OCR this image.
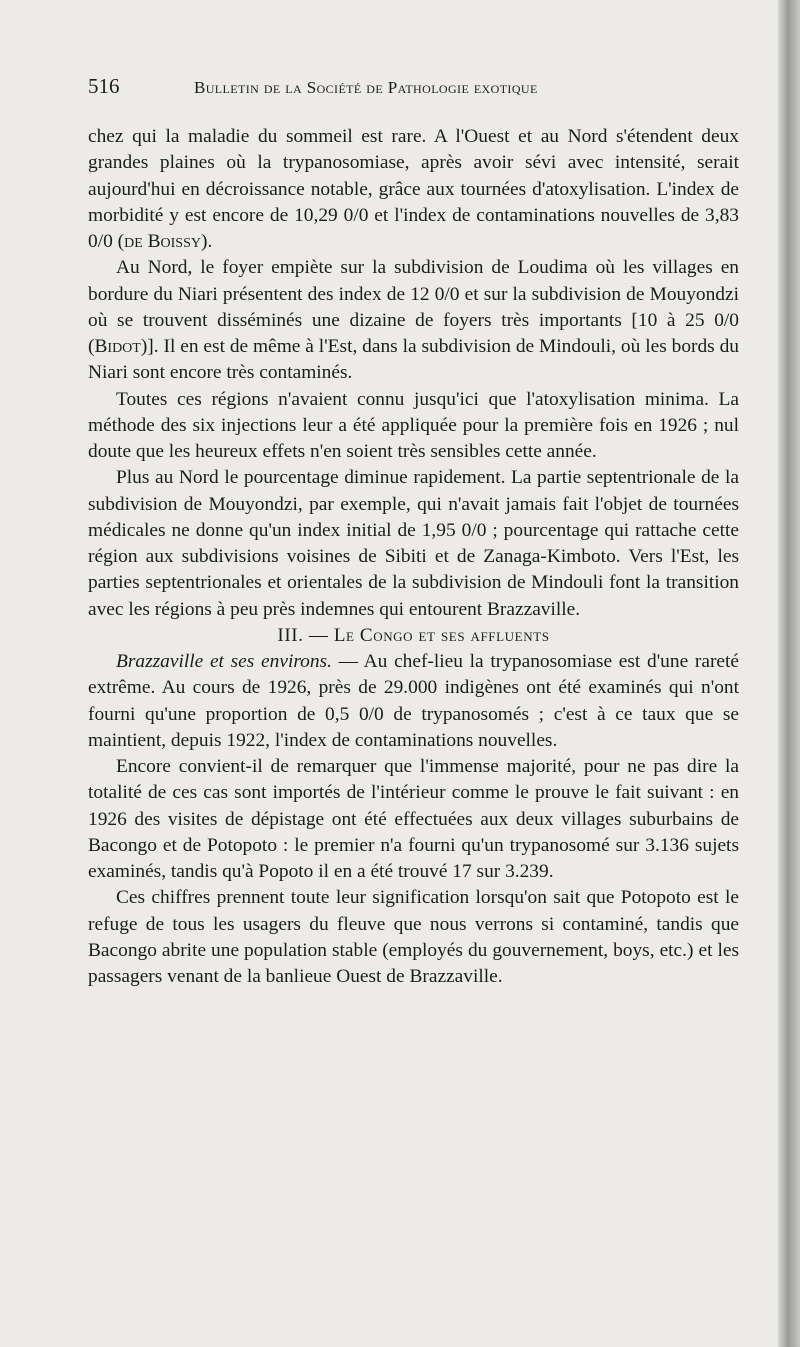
516	Bulletin de la Société de Pathologie exotique

chez qui la maladie du sommeil est rare. A l'Ouest et au Nord s'étendent deux grandes plaines où la trypanosomiase, après avoir sévi avec intensité, serait aujourd'hui en décroissance notable, grâce aux tournées d'atoxylisation. L'index de morbidité y est encore de 10,29 0/0 et l'index de contaminations nouvelles de 3,83 0/0 (de Boissy).

Au Nord, le foyer empiète sur la subdivision de Loudima où les villages en bordure du Niari présentent des index de 12 0/0 et sur la subdivision de Mouyondzi où se trouvent disséminés une dizaine de foyers très importants [10 à 25 0/0 (Bidot)]. Il en est de même à l'Est, dans la subdivision de Mindouli, où les bords du Niari sont encore très contaminés.

Toutes ces régions n'avaient connu jusqu'ici que l'atoxylisation minima. La méthode des six injections leur a été appliquée pour la première fois en 1926 ; nul doute que les heureux effets n'en soient très sensibles cette année.

Plus au Nord le pourcentage diminue rapidement. La partie septentrionale de la subdivision de Mouyondzi, par exemple, qui n'avait jamais fait l'objet de tournées médicales ne donne qu'un index initial de 1,95 0/0 ; pourcentage qui rattache cette région aux subdivisions voisines de Sibiti et de Zanaga-Kimboto. Vers l'Est, les parties septentrionales et orientales de la subdivision de Mindouli font la transition avec les régions à peu près indemnes qui entourent Brazzaville.

III. — Le Congo et ses affluents

Brazzaville et ses environs. — Au chef-lieu la trypanosomiase est d'une rareté extrême. Au cours de 1926, près de 29.000 indigènes ont été examinés qui n'ont fourni qu'une proportion de 0,5 0/0 de trypanosomés ; c'est à ce taux que se maintient, depuis 1922, l'index de contaminations nouvelles.

Encore convient-il de remarquer que l'immense majorité, pour ne pas dire la totalité de ces cas sont importés de l'intérieur comme le prouve le fait suivant : en 1926 des visites de dépistage ont été effectuées aux deux villages suburbains de Bacongo et de Potopoto : le premier n'a fourni qu'un trypanosomé sur 3.136 sujets examinés, tandis qu'à Popoto il en a été trouvé 17 sur 3.239.

Ces chiffres prennent toute leur signification lorsqu'on sait que Potopoto est le refuge de tous les usagers du fleuve que nous verrons si contaminé, tandis que Bacongo abrite une population stable (employés du gouvernement, boys, etc.) et les passagers venant de la banlieue Ouest de Brazzaville.
